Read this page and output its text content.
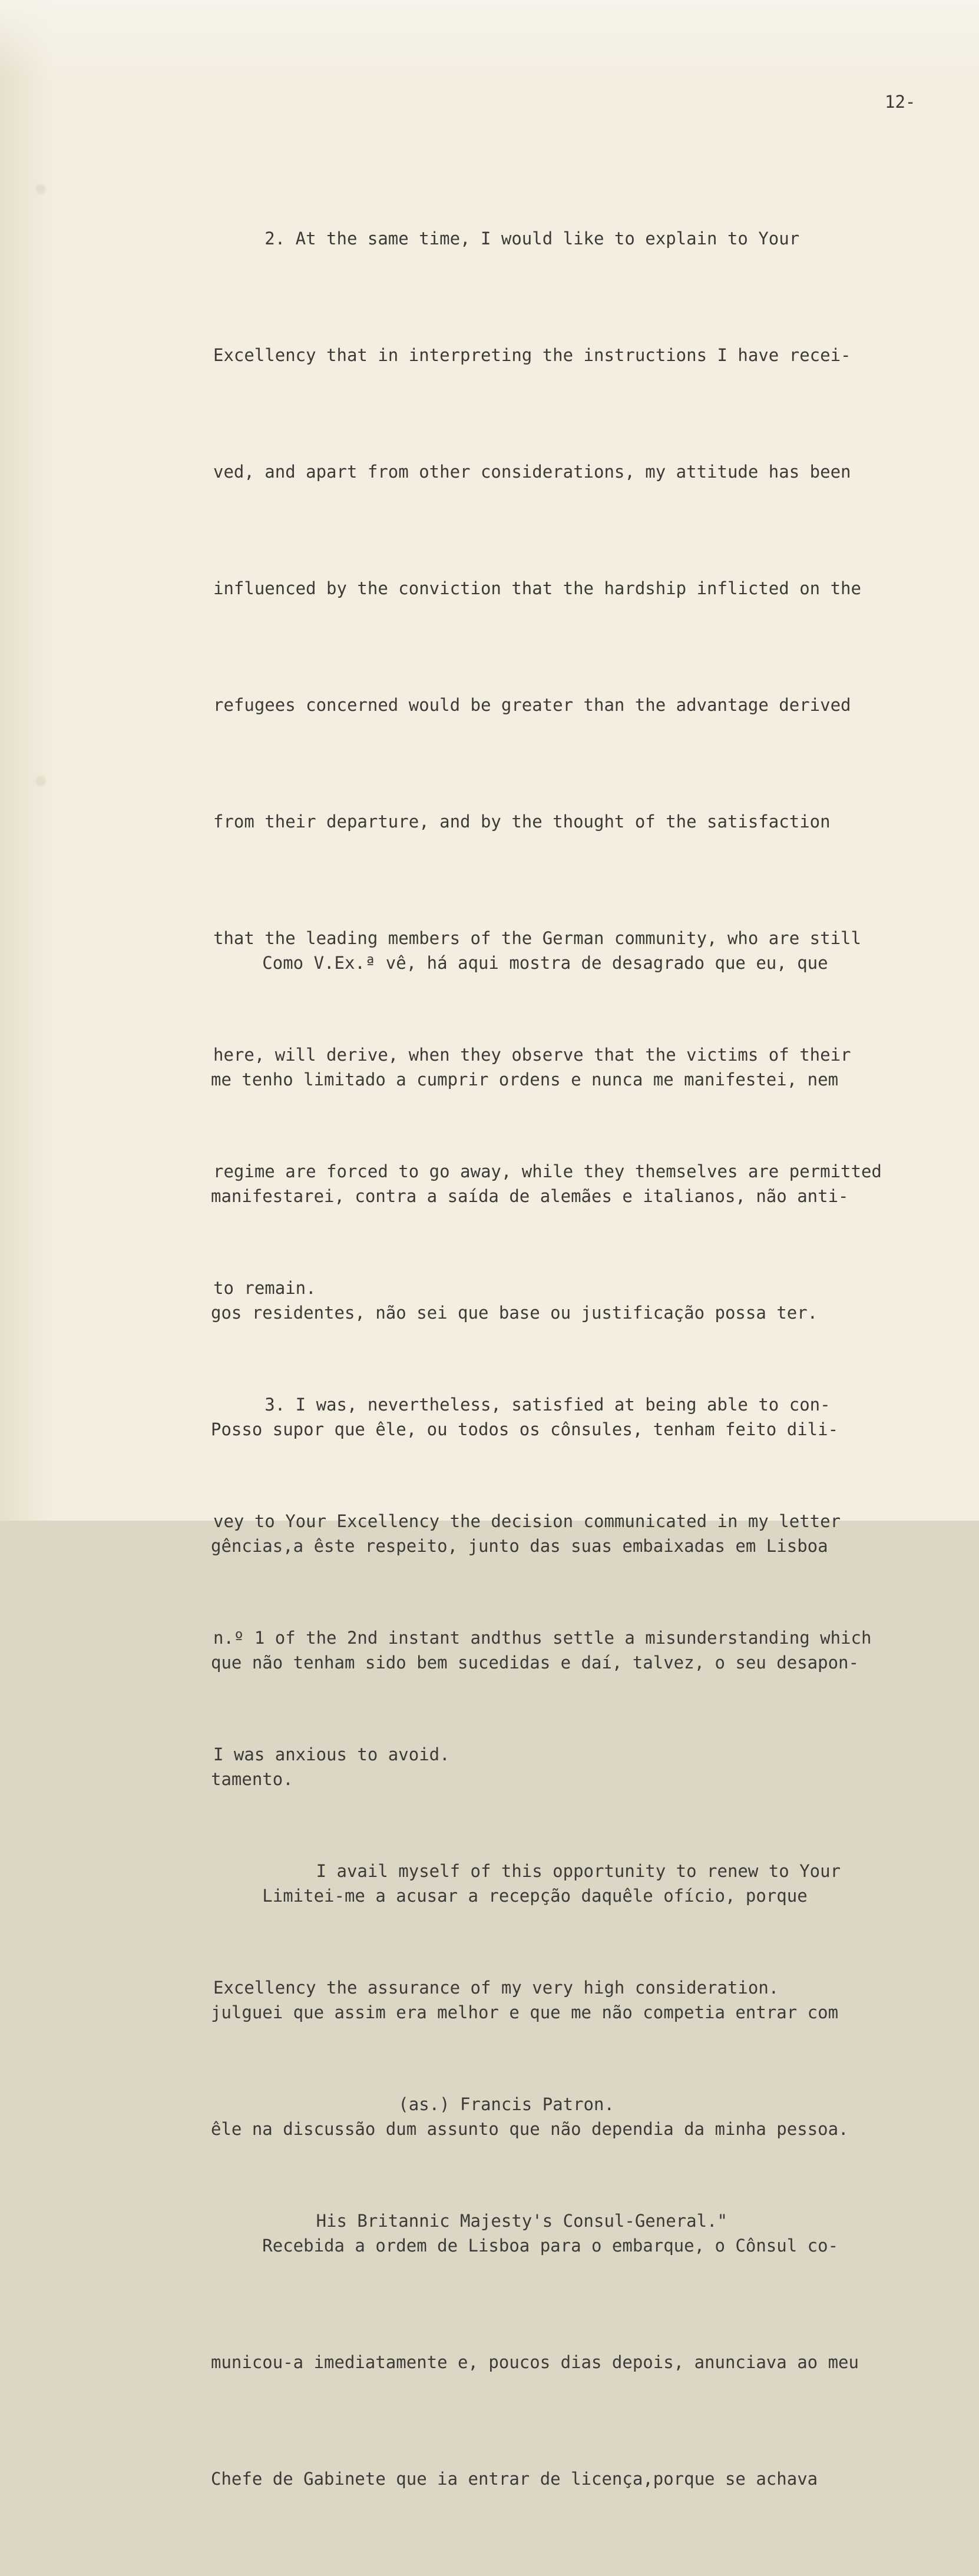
12-

2. At the same time, I would like to explain to Your

Excellency that in interpreting the instructions I have recei-

ved, and apart from other considerations, my attitude has been

influenced by the conviction that the hardship inflicted on the

refugees concerned would be greater than the advantage derived

from their departure, and by the thought of the satisfaction

that the leading members of the German community, who are still

here, will derive, when they observe that the victims of their

regime are forced to go away, while they themselves are permitted

to remain.

3. I was, nevertheless, satisfied at being able to con-

vey to Your Excellency the decision communicated in my letter

n.º 1 of the 2nd instant andthus settle a misunderstanding which

I was anxious to avoid.

I avail myself of this opportunity to renew to Your

Excellency the assurance of my very high consideration.

(as.) Francis Patron.

His Britannic Majesty's Consul-General."

Como V.Ex.ª vê, há aqui mostra de desagrado que eu, que

me tenho limitado a cumprir ordens e nunca me manifestei, nem

manifestarei, contra a saída de alemães e italianos, não anti-

gos residentes, não sei que base ou justificação possa ter.

Posso supor que êle, ou todos os cônsules, tenham feito dili-

gências,a êste respeito, junto das suas embaixadas em Lisboa

que não tenham sido bem sucedidas e daí, talvez, o seu desapon-

tamento.

Limitei-me a acusar a recepção daquêle ofício, porque

julguei que assim era melhor e que me não competia entrar com

êle na discussão dum assunto que não dependia da minha pessoa.

Recebida a ordem de Lisboa para o embarque, o Cônsul co-

municou-a imediatamente e, poucos dias depois, anunciava ao meu

Chefe de Gabinete que ia entrar de licença,porque se achava
